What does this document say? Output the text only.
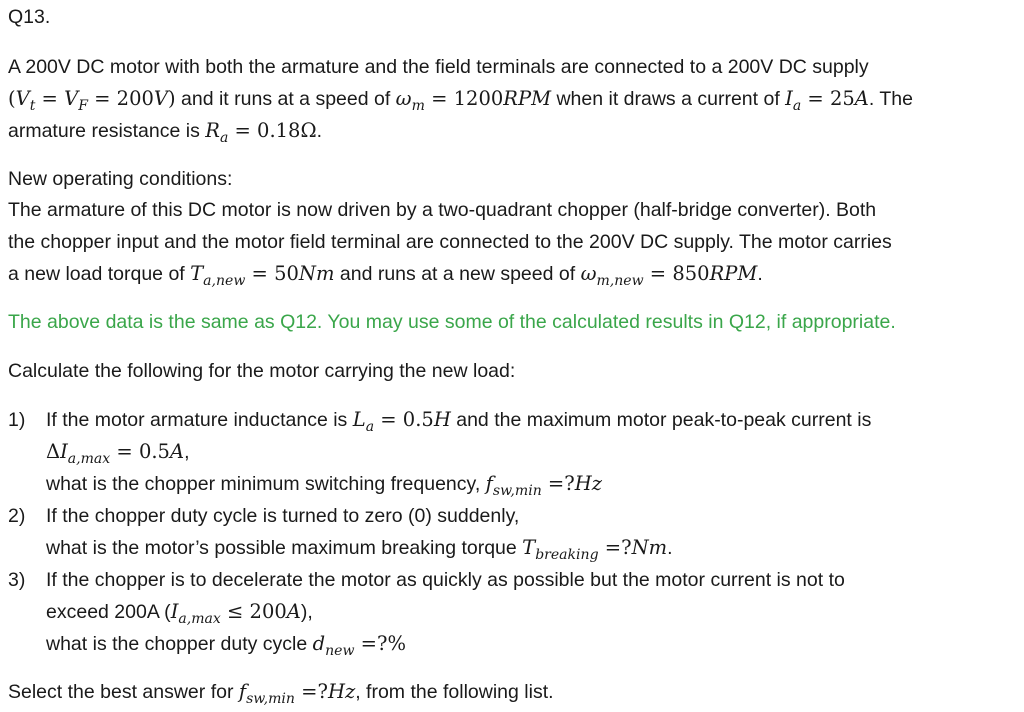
Q13.
A 200V DC motor with both the armature and the field terminals are connected to a 200V DC supply
$(V_t = V_F = 200V)$ and it runs at a speed of $\omega_m = 1200RPM$ when it draws a current of $I_a = 25A$. The
armature resistance is $R_a = 0.18\Omega$.
New operating conditions:
The armature of this DC motor is now driven by a two-quadrant chopper (half-bridge converter). Both
the chopper input and the motor field terminal are connected to the 200V DC supply. The motor carries
a new load torque of $T_{a,new} = 50Nm$ and runs at a new speed of $\omega_{m,new} = 850RPM$.
The above data is the same as Q12. You may use some of the calculated results in Q12, if appropriate.
Calculate the following for the motor carrying the new load:
1) If the motor armature inductance is $L_a = 0.5H$ and the maximum motor peak-to-peak current is
$\Delta I_{a,max} = 0.5A$,
what is the chopper minimum switching frequency, $f_{sw,min}$ =?Hz
2) If the chopper duty cycle is turned to zero (0) suddenly,
what is the motor’s possible maximum breaking torque $T_{breaking}$ =?Nm.
3) If the chopper is to decelerate the motor as quickly as possible but the motor current is not to
exceed 200A $(I_{a,max} \le 200A)$,
what is the chopper duty cycle $d_{new}$ =?%
Select the best answer for $f_{sw,min}$ =?Hz, from the following list.
